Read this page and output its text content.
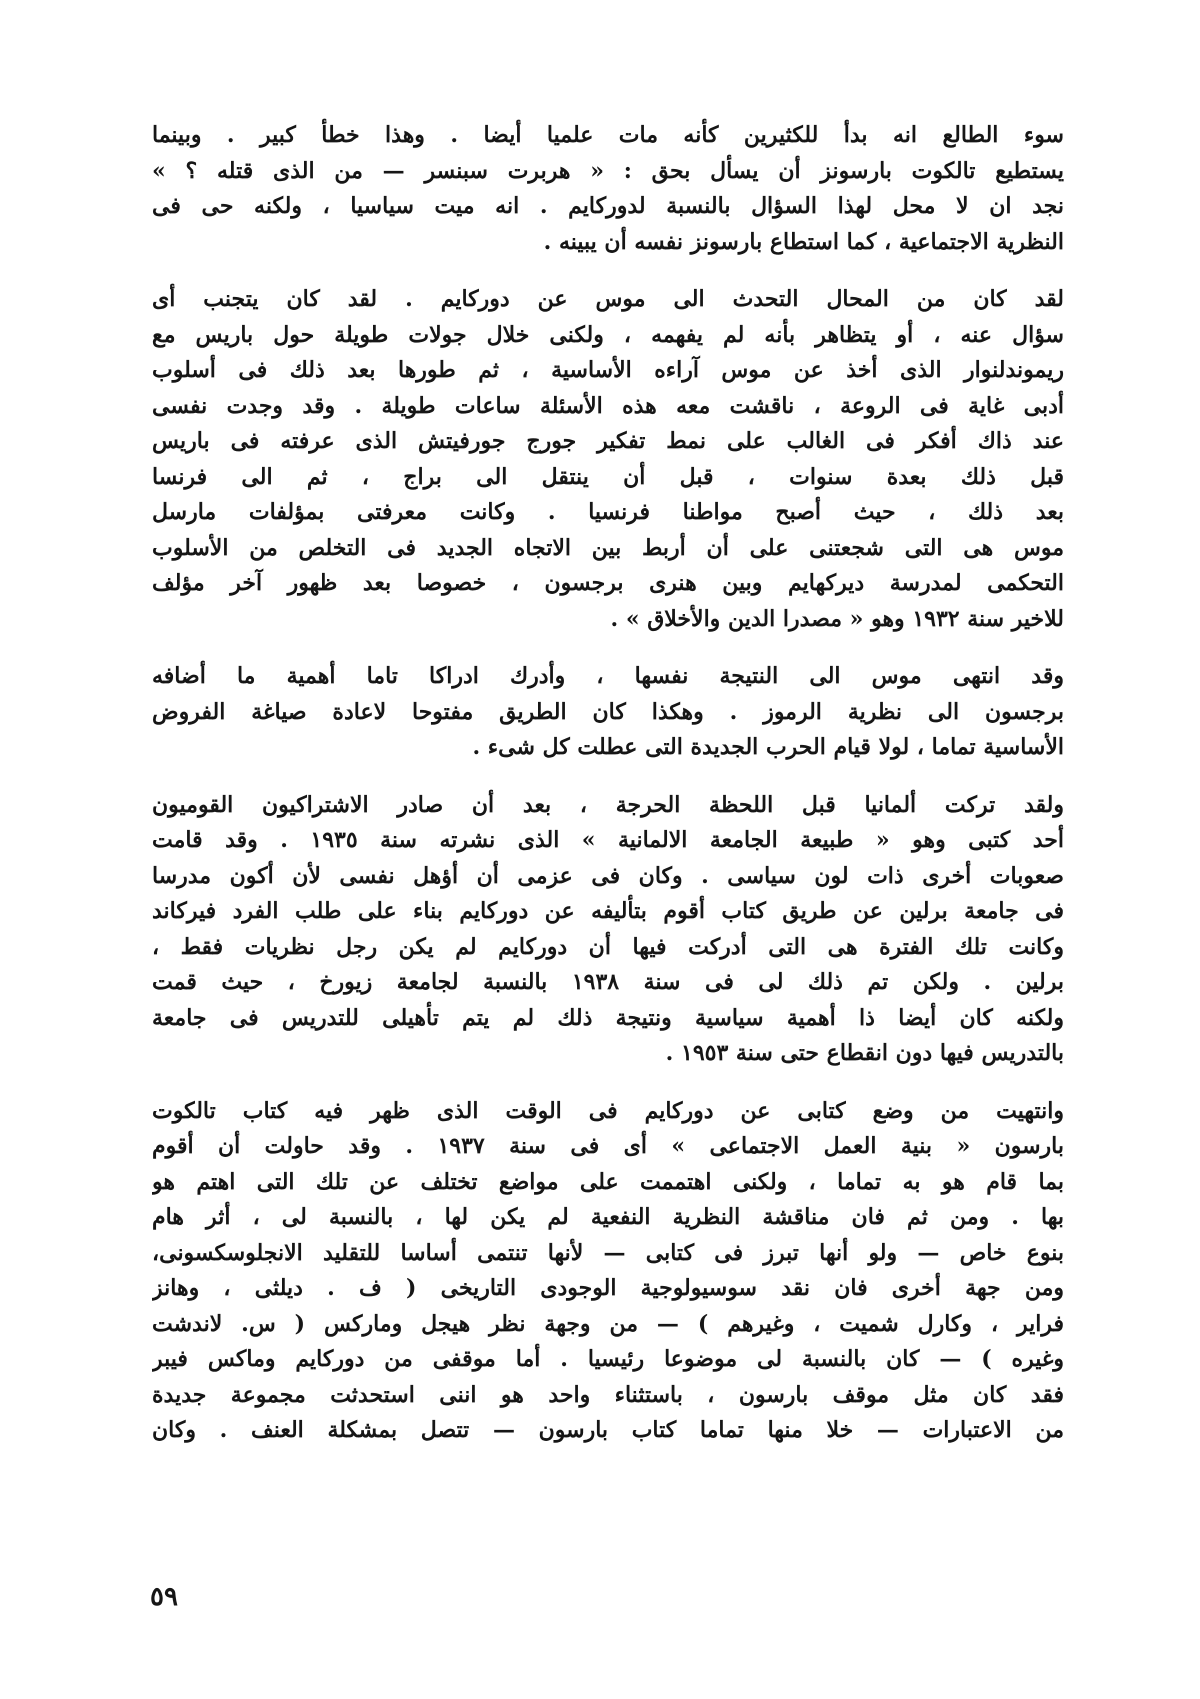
سوء الطالع انه بدأ للكثيرين كأنه مات علميا أيضا . وهذا خطأ كبير . وبينما
يستطيع تالكوت بارسونز أن يسأل بحق : « هربرت سبنسر — من الذى قتله ؟ »
نجد ان لا محل لهذا السؤال بالنسبة لدوركايم . انه ميت سياسيا ، ولكنه حى فى
النظرية الاجتماعية ، كما استطاع بارسونز نفسه أن يبينه .
لقد كان من المحال التحدث الى موس عن دوركايم . لقد كان يتجنب أى
سؤال عنه ، أو يتظاهر بأنه لم يفهمه ، ولكنى خلال جولات طويلة حول باريس مع
ريموندلنوار الذى أخذ عن موس آراءه الأساسية ، ثم طورها بعد ذلك فى أسلوب
أدبى غاية فى الروعة ، ناقشت معه هذه الأسئلة ساعات طويلة . وقد وجدت نفسى
عند ذاك أفكر فى الغالب على نمط تفكير جورج جورفيتش الذى عرفته فى باريس
قبل ذلك بعدة سنوات ، قبل أن ينتقل الى براج ، ثم الى فرنسا
بعد ذلك ، حيث أصبح مواطنا فرنسيا . وكانت معرفتى بمؤلفات مارسل
موس هى التى شجعتنى على أن أربط بين الاتجاه الجديد فى التخلص من الأسلوب
التحكمى لمدرسة ديركهايم وبين هنرى برجسون ، خصوصا بعد ظهور آخر مؤلف
للاخير سنة ١٩٣٢ وهو « مصدرا الدين والأخلاق » .
وقد انتهى موس الى النتيجة نفسها ، وأدرك ادراكا تاما أهمية ما أضافه
برجسون الى نظرية الرموز . وهكذا كان الطريق مفتوحا لاعادة صياغة الفروض
الأساسية تماما ، لولا قيام الحرب الجديدة التى عطلت كل شىء .
ولقد تركت ألمانيا قبل اللحظة الحرجة ، بعد أن صادر الاشتراكيون القوميون
أحد كتبى وهو « طبيعة الجامعة الالمانية » الذى نشرته سنة ١٩٣٥ . وقد قامت
صعوبات أخرى ذات لون سياسى . وكان فى عزمى أن أؤهل نفسى لأن أكون مدرسا
فى جامعة برلين عن طريق كتاب أقوم بتأليفه عن دوركايم بناء على طلب الفرد فيركاند
وكانت تلك الفترة هى التى أدركت فيها أن دوركايم لم يكن رجل نظريات فقط ،
برلين . ولكن تم ذلك لى فى سنة ١٩٣٨ بالنسبة لجامعة زيورخ ، حيث قمت
ولكنه كان أيضا ذا أهمية سياسية ونتيجة ذلك لم يتم تأهيلى للتدريس فى جامعة
بالتدريس فيها دون انقطاع حتى سنة ١٩٥٣ .
وانتهيت من وضع كتابى عن دوركايم فى الوقت الذى ظهر فيه كتاب تالكوت
بارسون « بنية العمل الاجتماعى » أى فى سنة ١٩٣٧ . وقد حاولت أن أقوم
بما قام هو به تماما ، ولكنى اهتممت على مواضع تختلف عن تلك التى اهتم هو
بها . ومن ثم فان مناقشة النظرية النفعية لم يكن لها ، بالنسبة لى ، أثر هام
بنوع خاص — ولو أنها تبرز فى كتابى — لأنها تنتمى أساسا للتقليد الانجلوسكسونى،
ومن جهة أخرى فان نقد سوسيولوجية الوجودى التاريخى ( ف . ديلثى ، وهانز
فراير ، وكارل شميت ، وغيرهم ) — من وجهة نظر هيجل وماركس ( س. لاندشت
وغيره ) — كان بالنسبة لى موضوعا رئيسيا . أما موقفى من دوركايم وماكس فيبر
فقد كان مثل موقف بارسون ، باستثناء واحد هو اننى استحدثت مجموعة جديدة
من الاعتبارات — خلا منها تماما كتاب بارسون — تتصل بمشكلة العنف . وكان
٥٩
